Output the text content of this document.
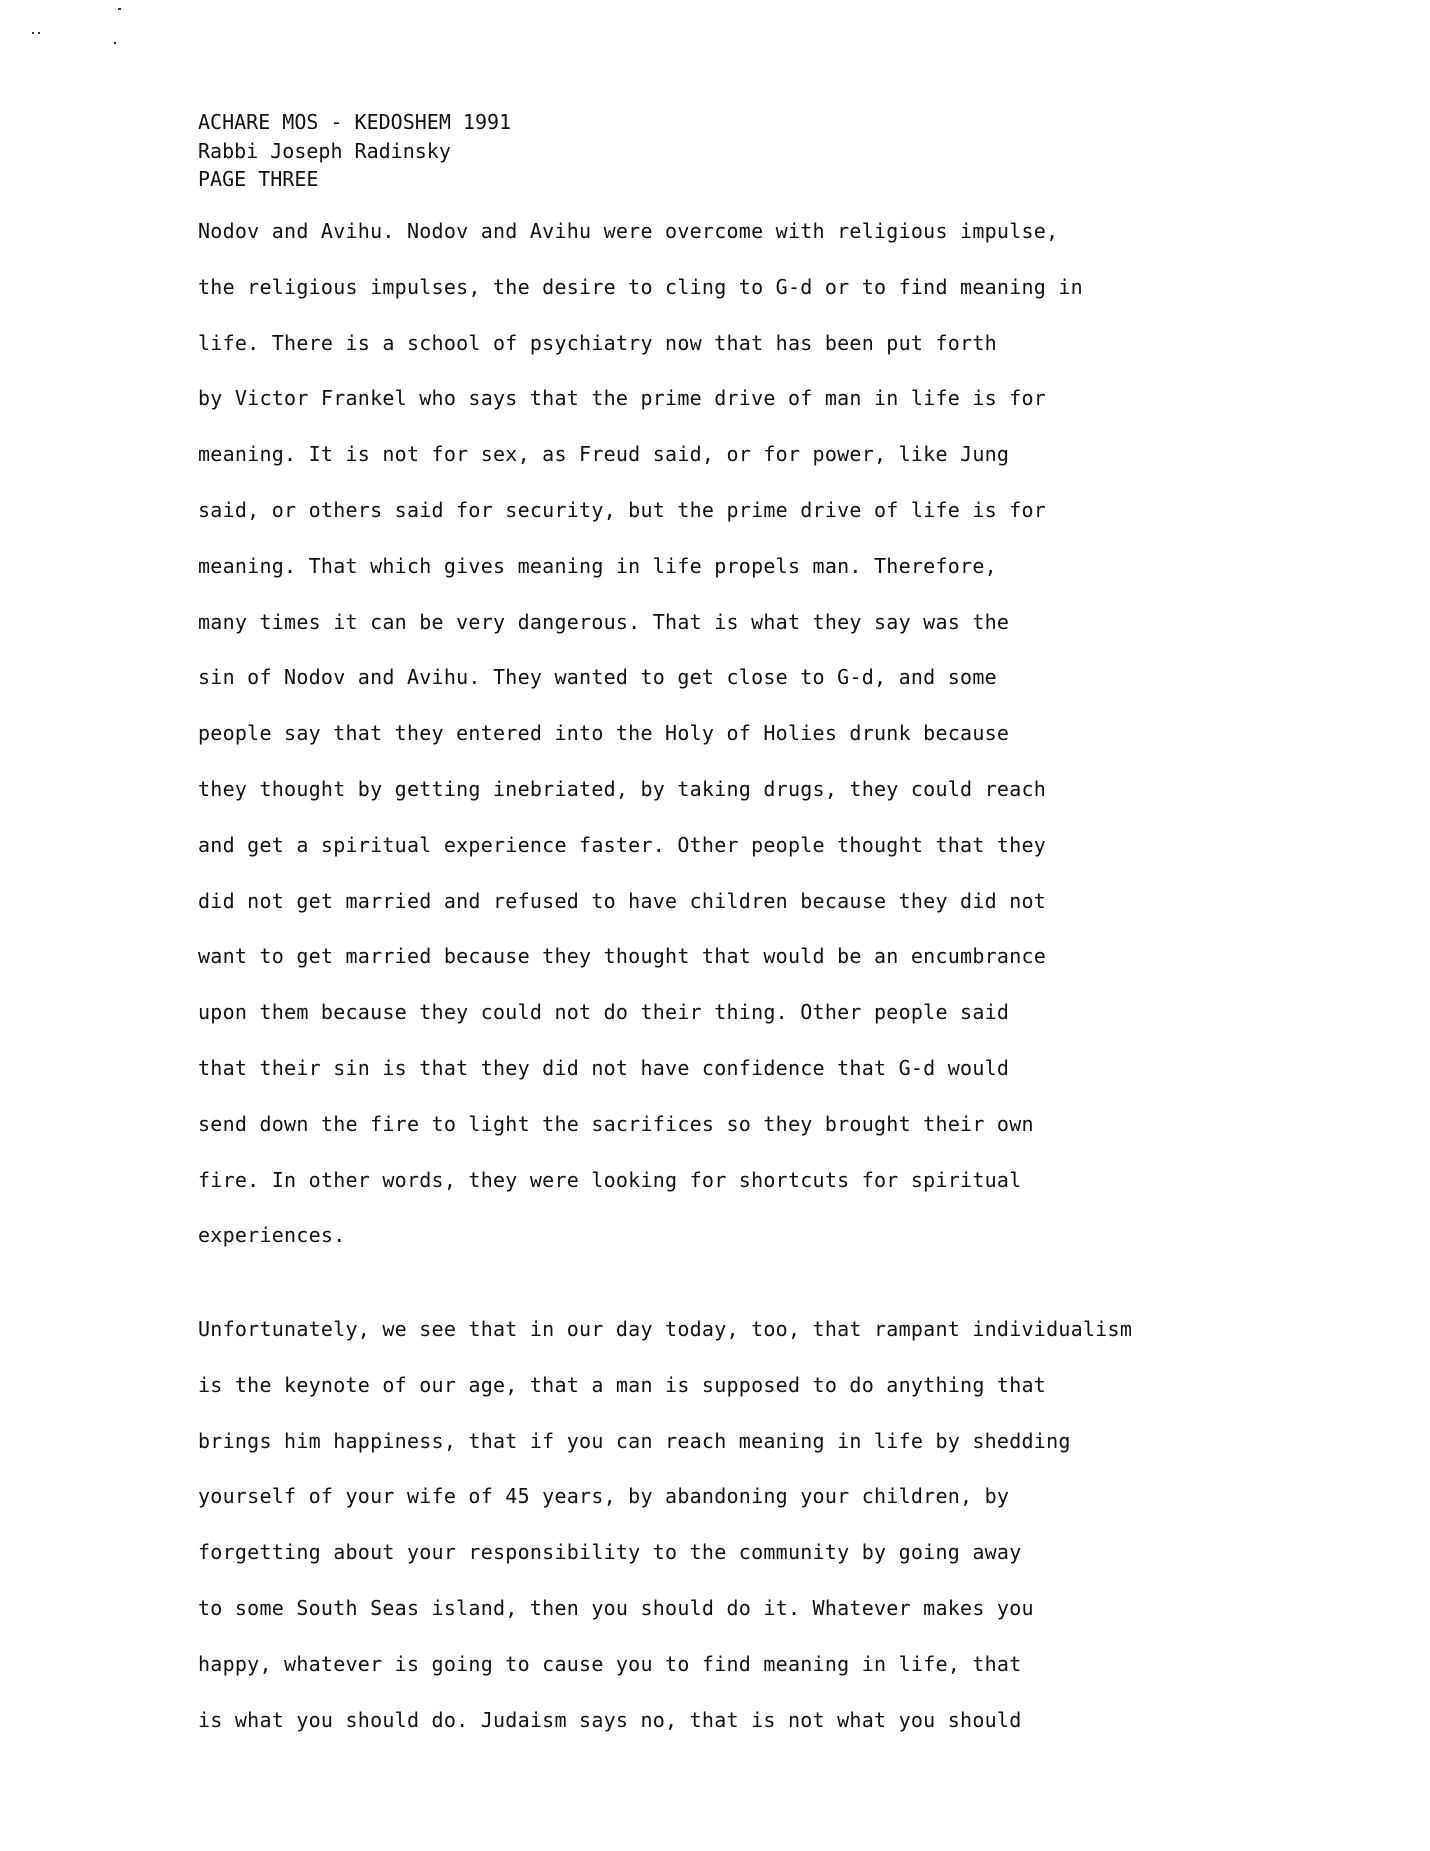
ACHARE MOS - KEDOSHEM 1991
Rabbi Joseph Radinsky
PAGE THREE
Nodov and Avihu. Nodov and Avihu were overcome with religious impulse,
the religious impulses, the desire to cling to G-d or to find meaning in
life. There is a school of psychiatry now that has been put forth
by Victor Frankel who says that the prime drive of man in life is for
meaning. It is not for sex, as Freud said, or for power, like Jung
said, or others said for security, but the prime drive of life is for
meaning. That which gives meaning in life propels man. Therefore,
many times it can be very dangerous. That is what they say was the
sin of Nodov and Avihu. They wanted to get close to G-d, and some
people say that they entered into the Holy of Holies drunk because
they thought by getting inebriated, by taking drugs, they could reach
and get a spiritual experience faster. Other people thought that they
did not get married and refused to have children because they did not
want to get married because they thought that would be an encumbrance
upon them because they could not do their thing. Other people said
that their sin is that they did not have confidence that G-d would
send down the fire to light the sacrifices so they brought their own
fire. In other words, they were looking for shortcuts for spiritual
experiences.
Unfortunately, we see that in our day today, too, that rampant individualism
is the keynote of our age, that a man is supposed to do anything that
brings him happiness, that if you can reach meaning in life by shedding
yourself of your wife of 45 years, by abandoning your children, by
forgetting about your responsibility to the community by going away
to some South Seas island, then you should do it. Whatever makes you
happy, whatever is going to cause you to find meaning in life, that
is what you should do. Judaism says no, that is not what you should
